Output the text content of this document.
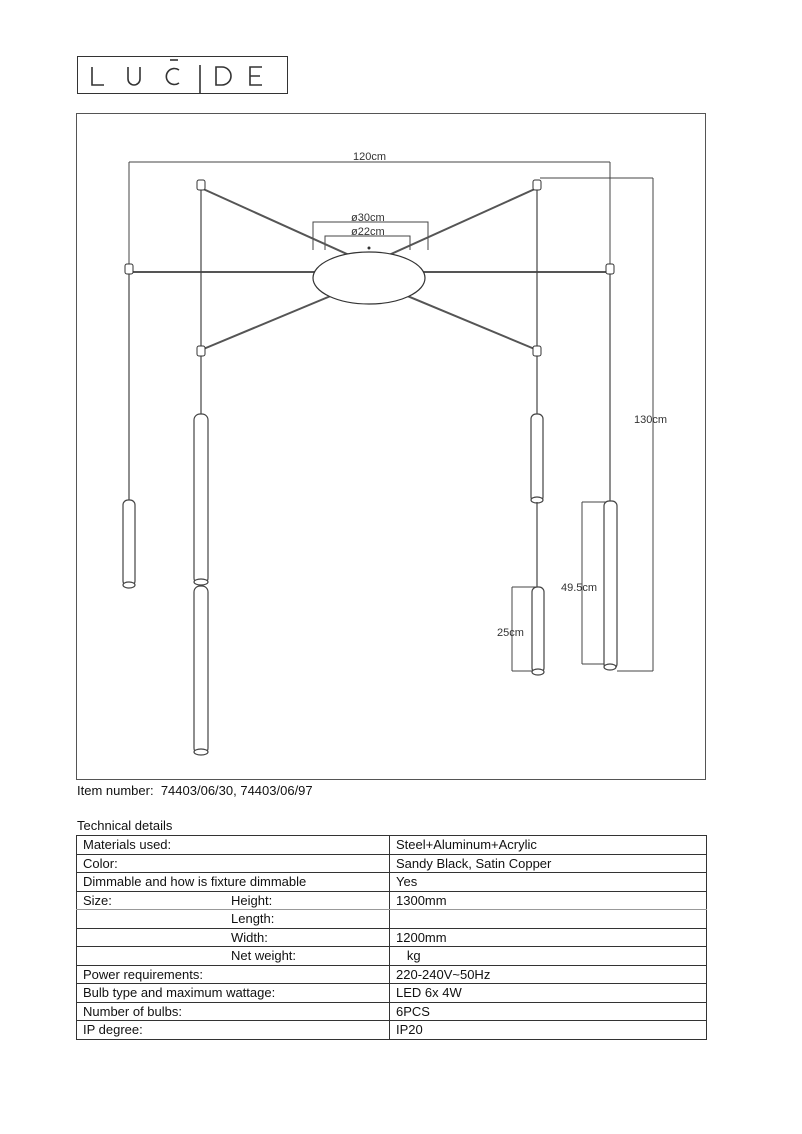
120cm
ø30cm
ø22cm
130cm
49.5cm
25cm
Item number: 74403/06/30, 74403/06/97
Technical details
Materials used:	Steel+Aluminum+Acrylic
Color:	Sandy Black, Satin Copper
Dimmable and how is fixture dimmable	Yes
Size: Height:	1300mm
Length:	
Width:	1200mm
Net weight:	kg
Power requirements:	220-240V~50Hz
Bulb type and maximum wattage:	LED 6x 4W
Number of bulbs:	6PCS
IP degree:	IP20
